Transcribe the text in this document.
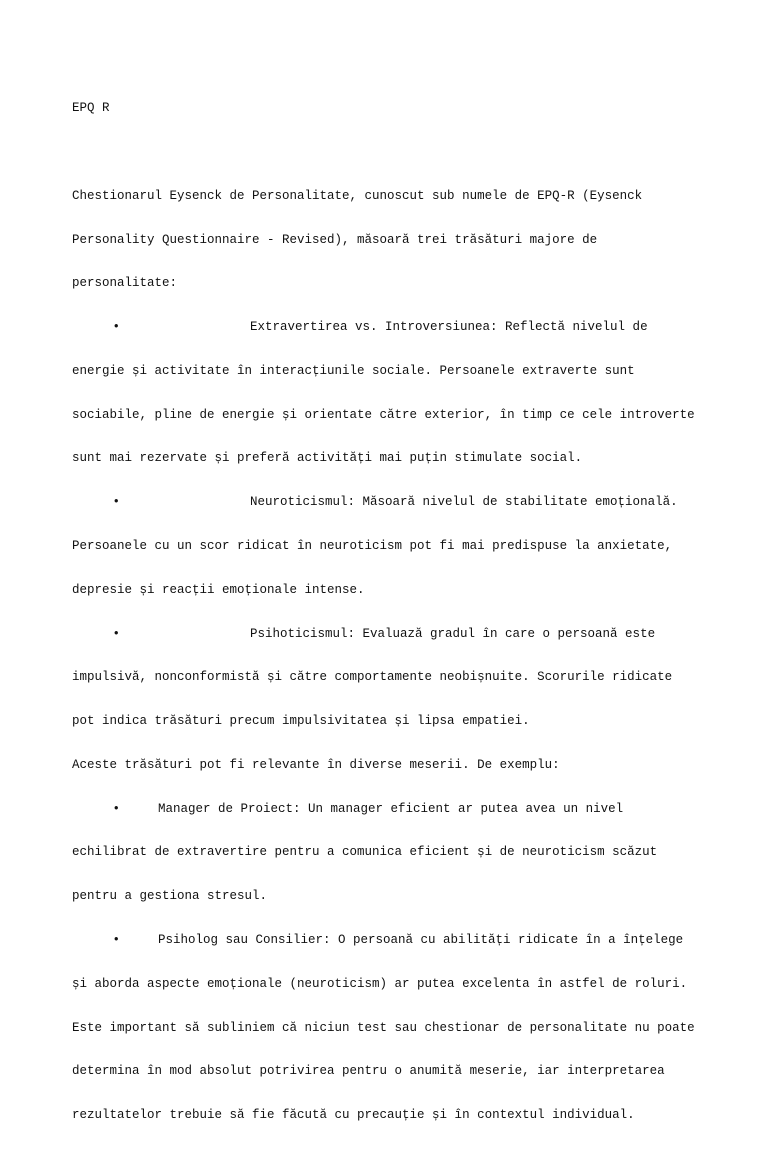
EPQ R

Chestionarul Eysenck de Personalitate, cunoscut sub numele de EPQ-R (Eysenck

Personality Questionnaire - Revised), măsoară trei trăsături majore de

personalitate:

•	Extravertirea vs. Introversiunea: Reflectă nivelul de

energie și activitate în interacțiunile sociale. Persoanele extraverte sunt

sociabile, pline de energie și orientate către exterior, în timp ce cele introverte

sunt mai rezervate și preferă activități mai puțin stimulate social.

•	Neuroticismul: Măsoară nivelul de stabilitate emoțională.

Persoanele cu un scor ridicat în neuroticism pot fi mai predispuse la anxietate,

depresie și reacții emoționale intense.

•	Psihoticismul: Evaluază gradul în care o persoană este

impulsivă, nonconformistă și către comportamente neobișnuite. Scorurile ridicate

pot indica trăsături precum impulsivitatea și lipsa empatiei.

Aceste trăsături pot fi relevante în diverse meserii. De exemplu:

•	Manager de Proiect: Un manager eficient ar putea avea un nivel

echilibrat de extravertire pentru a comunica eficient și de neuroticism scăzut

pentru a gestiona stresul.

•	Psiholog sau Consilier: O persoană cu abilități ridicate în a înțelege

și aborda aspecte emoționale (neuroticism) ar putea excelenta în astfel de roluri.

Este important să subliniem că niciun test sau chestionar de personalitate nu poate

determina în mod absolut potrivirea pentru o anumită meserie, iar interpretarea

rezultatelor trebuie să fie făcută cu precauție și în contextul individual.
